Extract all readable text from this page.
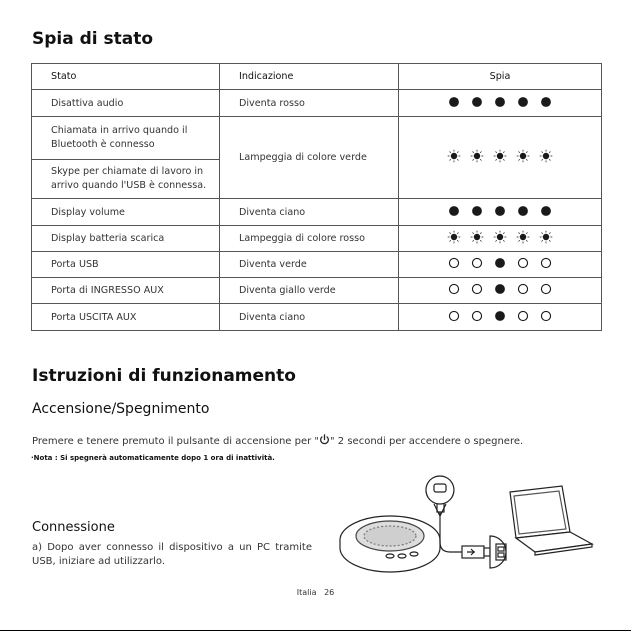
Spia di stato
Stato	Indicazione	Spia
Disattiva audio	Diventa rosso	

Chiamata in arrivo quando il
Bluetooth è connesso	Lampeggia di colore verde	

Skype per chiamate di lavoro in
arrivo quando l'USB è connessa.		
Display volume	Diventa ciano	

Display batteria scarica	Lampeggia di colore rosso	

Porta USB	Diventa verde	

Porta di INGRESSO AUX	Diventa giallo verde	

Porta USCITA AUX	Diventa ciano	
Istruzioni di funzionamento
Accensione/Spegnimento
Premere e tenere premuto il pulsante di accensione per " " 2 secondi per accendere o spegnere.
·Nota : Si spegnerà automaticamente dopo 1 ora di inattività.
Connessione
a) Dopo aver connesso il dispositivo a un PC tramite
USB, iniziare ad utilizzarlo.
Italia   26
